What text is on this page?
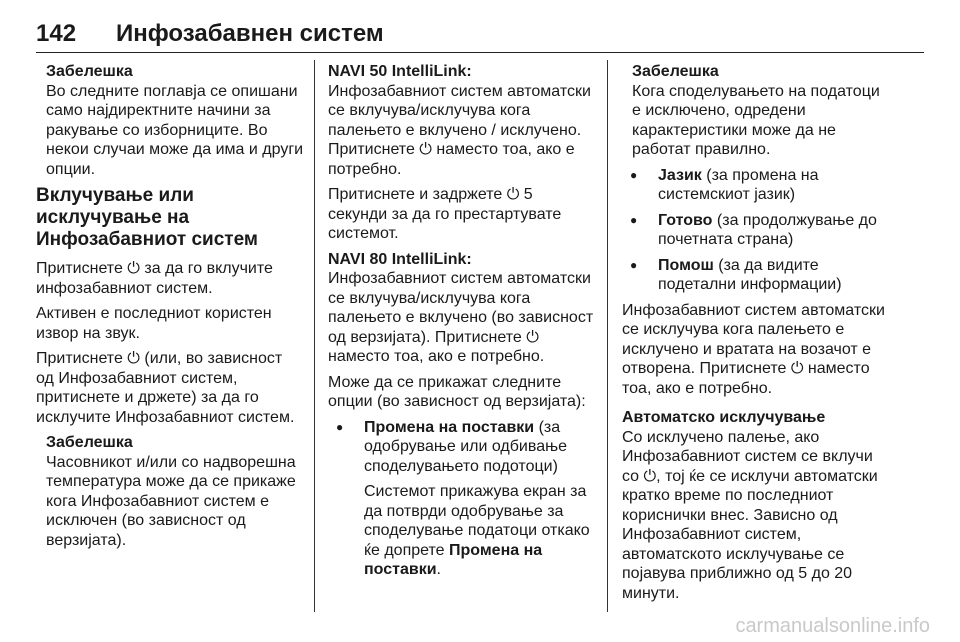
142 Инфозабавнен систем
Забелешка

Во следните поглавја се опишани само најдиректните начини за ракување со изборниците. Во некои случаи може да има и други опции.

Вклучување или исклучување на Инфозабавниот систем

Притиснете ⏻ за да го вклучите инфозабавниот систем.

Активен е последниот користен извор на звук.

Притиснете ⏻ (или, во зависност од Инфозабавниот систем, притиснете и држете) за да го исклучите Инфозабавниот систем.

Забелешка

Часовникот и/или со надворешна температура може да се прикаже кога Инфозабавниот систем е исключен (во зависност од верзијата).

NAVI 50 IntelliLink:

Инфозабавниот систем автоматски се вклучува/исклучува кога палењето е вклучено / исклучено. Притиснете ⏻ наместо тоа, ако е потребно.

Притиснете и задржете ⏻ 5 секунди за да го престартувате системот.

NAVI 80 IntelliLink:

Инфозабавниот систем автоматски се вклучува/исклучува кога палењето е вклучено (во зависност од верзијата). Притиснете ⏻ наместо тоа, ако е потребно.

Може да се прикажат следните опции (во зависност од верзијата):

● Промена на поставки (за одобрување или одбивање споделувањето подотоци)
Системот прикажува екран за да потврди одобрување за споделување податоци откако ќе допрете Промена на поставки.
Забелешка

Кога споделувањето на податоци е исключено, одредени карактеристики може да не работат правилно.

● Јазик (за промена на системскиот јазик)
● Готово (за продолжување до почетната страна)
● Помош (за да видите подетални информации)

Инфозабавниот систем автоматски се исклучува кога палењето е исклучено и вратата на возачот е отворена. Притиснете ⏻ наместо тоа, ако е потребно.

Автоматско исклучување

Со исклучено палење, ако Инфозабавниот систем се вклучи со ⏻, тој ќе се исклучи автоматски кратко време по последниот кориснички внес. Зависно од Инфозабавниот систем, автоматското исклучување се појавува приближно од 5 до 20 минути.

carmanualsonline.info
